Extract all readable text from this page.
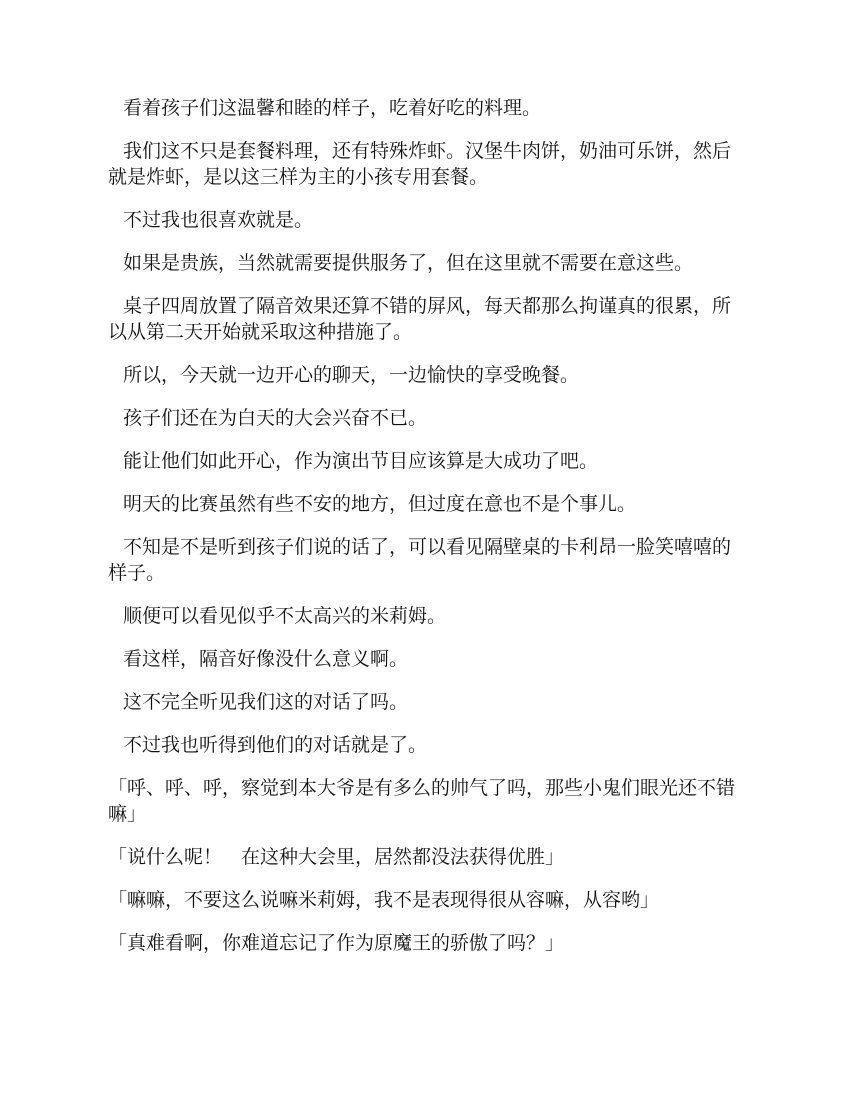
看着孩子们这温馨和睦的样子，吃着好吃的料理。

我们这不只是套餐料理，还有特殊炸虾。汉堡牛肉饼，奶油可乐饼，然后就是炸虾，是以这三样为主的小孩专用套餐。

不过我也很喜欢就是。

如果是贵族，当然就需要提供服务了，但在这里就不需要在意这些。

桌子四周放置了隔音效果还算不错的屏风，每天都那么拘谨真的很累，所以从第二天开始就采取这种措施了。

所以，今天就一边开心的聊天，一边愉快的享受晚餐。

孩子们还在为白天的大会兴奋不已。

能让他们如此开心，作为演出节目应该算是大成功了吧。

明天的比赛虽然有些不安的地方，但过度在意也不是个事儿。

不知是不是听到孩子们说的话了，可以看见隔壁桌的卡利昂一脸笑嘻嘻的样子。

顺便可以看见似乎不太高兴的米莉姆。

看这样，隔音好像没什么意义啊。

这不完全听见我们这的对话了吗。

不过我也听得到他们的对话就是了。

「呼、呼、呼，察觉到本大爷是有多么的帅气了吗，那些小鬼们眼光还不错嘛」

「说什么呢！　在这种大会里，居然都没法获得优胜」

「嘛嘛，不要这么说嘛米莉姆，我不是表现得很从容嘛，从容哟」

「真难看啊，你难道忘记了作为原魔王的骄傲了吗？」
